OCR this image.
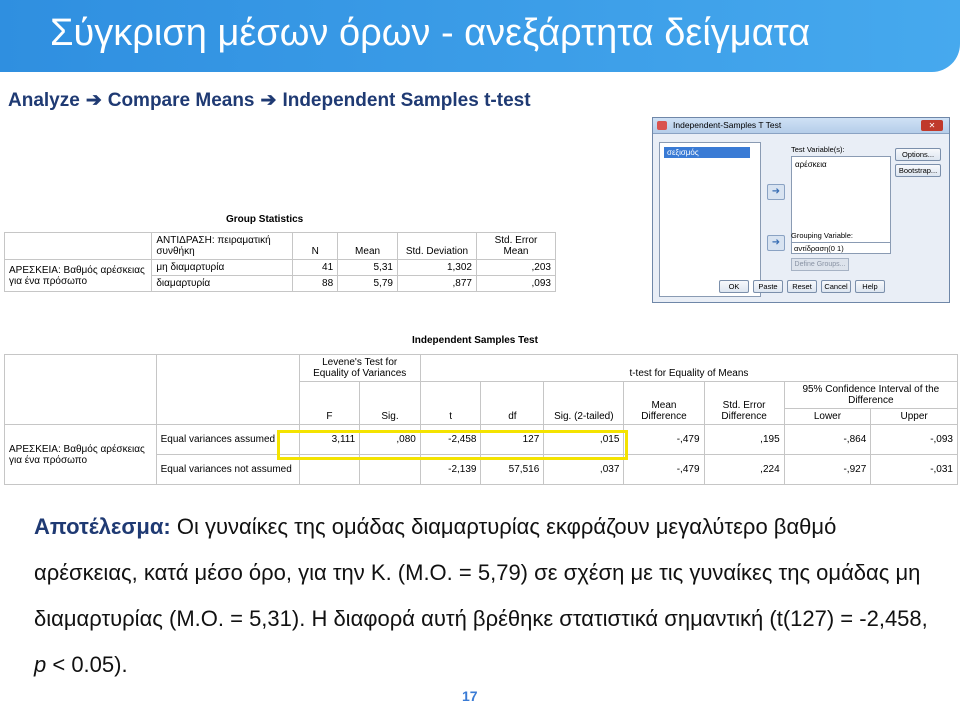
Σύγκριση μέσων όρων - ανεξάρτητα δείγματα
Analyze ➔ Compare Means ➔ Independent Samples t-test
Independent-Samples T Test	✕
σεξισμός	Test Variable(s):
αρέσκεια
➜
➜
Grouping Variable:
αντίδραση(0 1)
Define Groups...
Options...
Bootstrap...
OK	Paste	Reset	Cancel	Help
Group Statistics
	ΑΝΤΙΔΡΑΣΗ: πειραματική συνθήκη	N	Mean	Std. Deviation	Std. Error Mean
ΑΡΕΣΚΕΙΑ: Βαθμός αρέσκειας για ένα πρόσωπο	μη διαμαρτυρία	41	5,31	1,302	,203
	διαμαρτυρία	88	5,79	,877	,093
Independent Samples Test
		Levene's Test for Equality of Variances		t-test for Equality of Means						
		F	Sig.	t	df	Sig. (2-tailed)	Mean Difference	Std. Error Difference	95% Confidence Interval of the Difference	
									Lower	Upper
ΑΡΕΣΚΕΙΑ: Βαθμός αρέσκειας για ένα πρόσωπο	Equal variances assumed	3,111	,080	-2,458	127	,015	-,479	,195	-,864	-,093
	Equal variances not assumed			-2,139	57,516	,037	-,479	,224	-,927	-,031
Αποτέλεσμα: Οι γυναίκες της ομάδας διαμαρτυρίας εκφράζουν μεγαλύτερο βαθμό αρέσκειας, κατά μέσο όρο, για την Κ. (Μ.Ο. = 5,79) σε σχέση με τις γυναίκες της ομάδας μη διαμαρτυρίας (Μ.Ο. = 5,31). Η διαφορά αυτή βρέθηκε στατιστικά σημαντική (t(127) = -2,458, p < 0.05).
17
